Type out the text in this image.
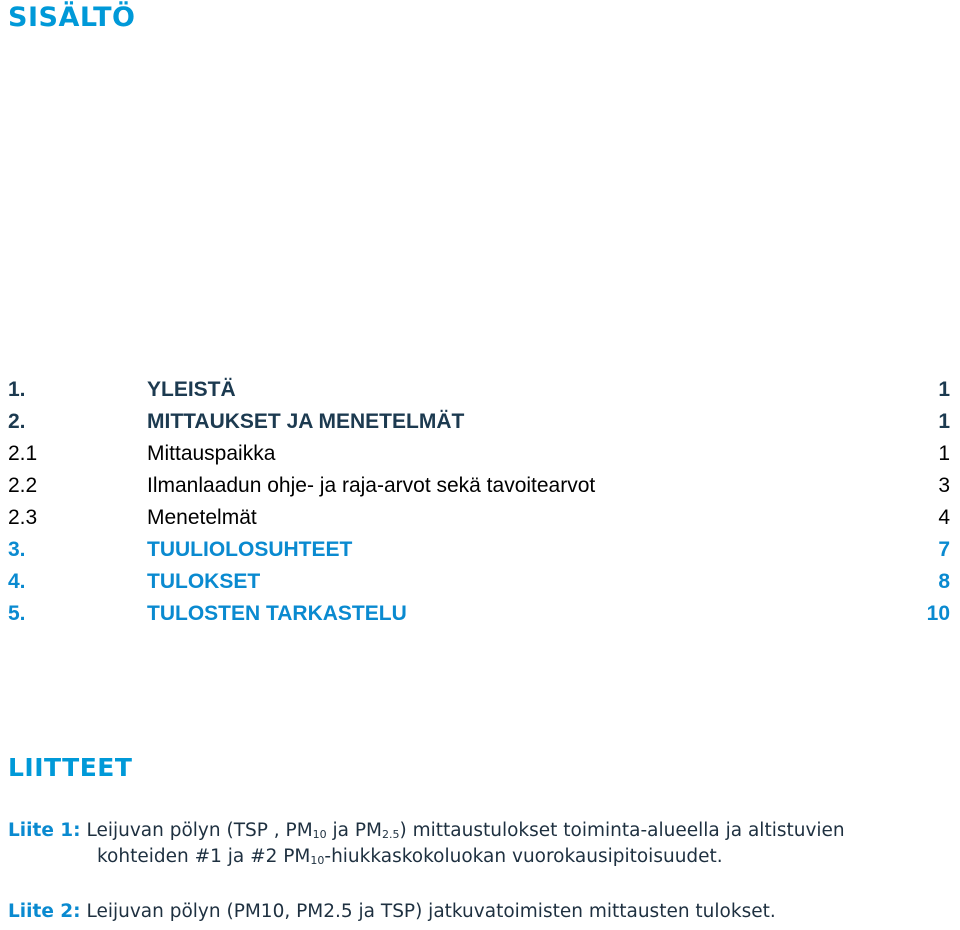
SISÄLTÖ
1.	YLEISTÄ	1
2.	MITTAUKSET JA MENETELMÄT	1
2.1	Mittauspaikka	1
2.2	Ilmanlaadun ohje- ja raja-arvot sekä tavoitearvot	3
2.3	Menetelmät	4
3.	TUULIOLOSUHTEET	7
4.	TULOKSET	8
5.	TULOSTEN TARKASTELU	10
LIITTEET
Liite 1: Leijuvan pölyn (TSP , $PM_{10}$ ja $PM_{2.5}$) mittaustulokset toiminta-alueella ja altistuvien
kohteiden #1 ja #2 $PM_{10}$-hiukkaskokoluokan vuorokausipitoisuudet.
Liite 2: Leijuvan pölyn (PM10, PM2.5 ja TSP) jatkuvatoimisten mittausten tulokset.
